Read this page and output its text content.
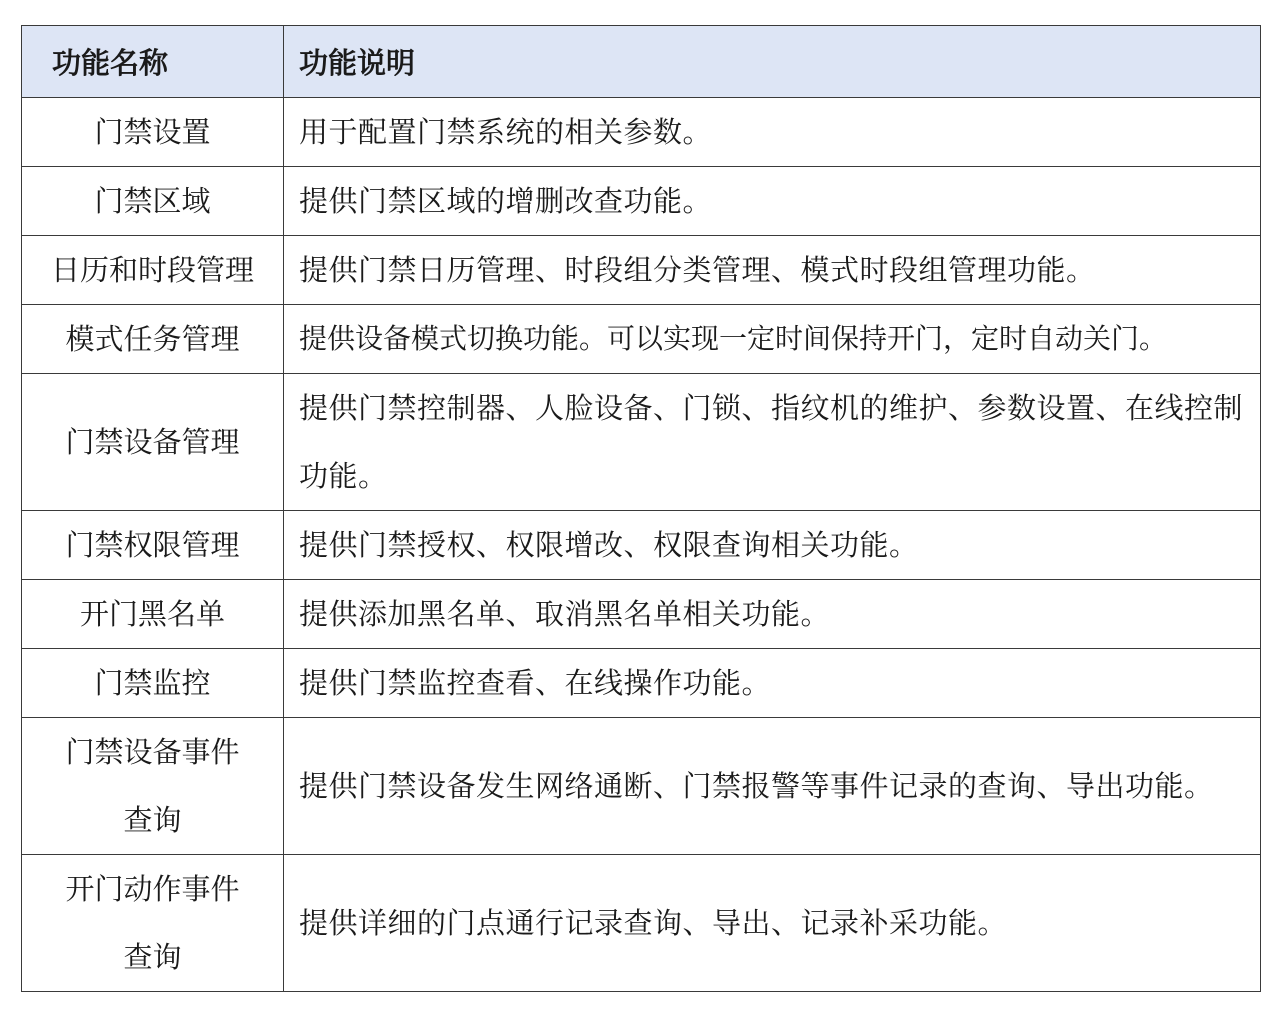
功能名称	功能说明
门禁设置	用于配置门禁系统的相关参数。
门禁区域	提供门禁区域的增删改查功能。
日历和时段管理	提供门禁日历管理、时段组分类管理、模式时段组管理功能。
模式任务管理	提供设备模式切换功能。可以实现一定时间保持开门，定时自动关门。
门禁设备管理	提供门禁控制器、人脸设备、门锁、指纹机的维护、参数设置、在线控制功能。
门禁权限管理	提供门禁授权、权限增改、权限查询相关功能。
开门黑名单	提供添加黑名单、取消黑名单相关功能。
门禁监控	提供门禁监控查看、在线操作功能。
门禁设备事件查询	提供门禁设备发生网络通断、门禁报警等事件记录的查询、导出功能。
开门动作事件查询	提供详细的门点通行记录查询、导出、记录补采功能。
